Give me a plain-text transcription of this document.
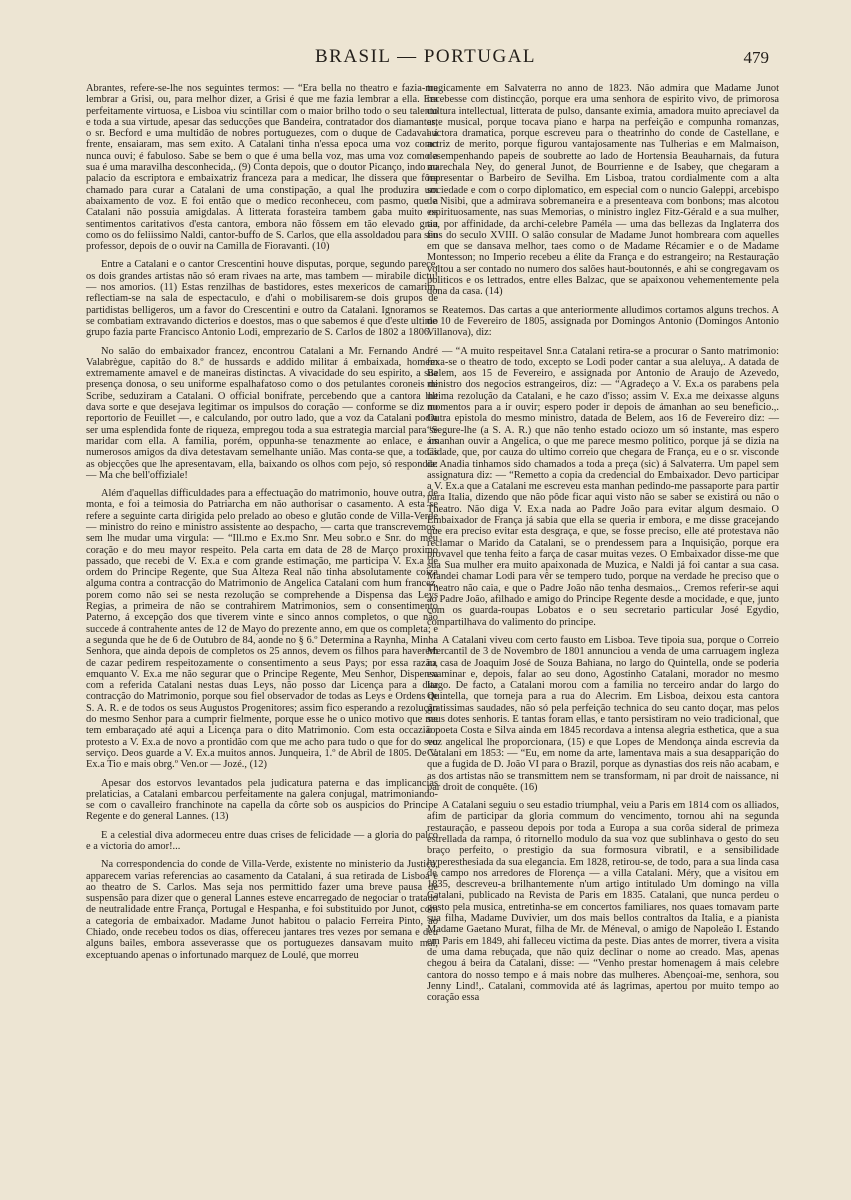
BRASIL — PORTUGAL	479

Abrantes, refere-se-lhe nos seguintes termos: — “Era bella no theatro e fazia-me lembrar a Grisi, ou, para melhor dizer, a Grisi é que me fazia lembrar a ella. Era perfeitamente virtuosa, e Lisboa viu scintillar com o maior brilho todo o seu talento e toda a sua virtude, apesar das seducções que Bandeira, contratador dos diamantes, o sr. Becford e uma multidão de nobres portuguezes, com o duque de Cadaval á frente, ensaiaram, mas sem exito. A Catalani tinha n'essa epoca uma voz como nunca ouvi; é fabuloso. Sabe se bem o que é uma bella voz, mas uma voz como a sua é uma maravilha desconhecida,. (9) Conta depois, que o doutor Picanço, indo ao palacio da escriptora e embaixatriz franceza para a medicar, lhe dissera que fôra chamado para curar a Catalani de uma constipação, a qual lhe produzira um abaixamento de voz. E foi então que o medico reconheceu, com pasmo, que a Catalani não possuia amigdalas. A litterata forasteira tambem gaba muito os sentimentos caritativos d'esta cantora, embora não fôssem em tão elevado grau como os do feliissimo Naldi, cantor-buffo de S. Carlos, que ella assoldadou para seu professor, depois de o ouvir na Camilla de Fioravanti. (10)

Entre a Catalani e o cantor Crescentini houve disputas, porque, segundo parece, os dois grandes artistas não só eram rivaes na arte, mas tambem — mirabile dictu! — nos amorios. (11) Estas renzilhas de bastidores, estes mexericos de camarim, reflectiam-se na sala de espectaculo, e d'ahi o mobilisarem-se dois grupos de partidistas belligeros, um a favor do Crescentini e outro da Catalani. Ignoramos se se combatiam extravando dicterios e doestos, mas o que sabemos é que d'este ultimo grupo fazia parte Francisco Antonio Lodi, emprezario de S. Carlos de 1802 a 1806.

No salão do embaixador francez, encontrou Catalani a Mr. Fernando André Valabrègue, capitão do 8.º de hussards e addido militar á embaixada, homem extremamente amavel e de maneiras distinctas. A vivacidade do seu espirito, a sua presença donosa, o seu uniforme espalhafatoso como o dos petulantes coroneis de Scribe, seduziram a Catalani. O official bonifrate, percebendo que a cantora lhe dava sorte e que desejava legitimar os impulsos do coração — conforme se diz no reportorio de Feuillet —, e calculando, por outro lado, que a voz da Catalani podia ser uma esplendida fonte de riqueza, empregou toda a sua estrategia marcial para se maridar com ella. A familia, porém, oppunha-se tenazmente ao enlace, e os numerosos amigos da diva detestavam semelhante união. Mas conta-se que, a todas as objecções que lhe apresentavam, ella, baixando os olhos com pejo, só respondia: — Ma che bell'offiziale!

Além d'aquellas difficuldades para a effectuação do matrimonio, houve outra, de monta, e foi a teimosia do Patriarcha em não authorisar o casamento. A esta se refere a seguinte carta dirigida pelo prelado ao obeso e glutão conde de Villa-Verde — ministro do reino e ministro assistente ao despacho, — carta que transcrevemos, sem lhe mudar uma virgula: — “Ill.mo e Ex.mo Snr. Meu sobr.o e Snr. do meu coração e do meu mayor respeito. Pela carta em data de 28 de Março proximo passado, que recebi de V. Ex.a e com grande estimação, me participa V. Ex.a de ordem do Principe Regente, que Sua Alteza Real não tinha absolutamente coiza alguma contra a contracção do Matrimonio de Angelica Catalani com hum francez, porem como não sei se nesta rezolução se comprehende a Dispensa das Leys Regias, a primeira de não se contrahirem Matrimonios, sem o consentimento Paterno, á excepção dos que tiverem vinte e sinco annos completos, o que não succede á contrahente antes de 12 de Mayo do prezente anno, em que os completa; e a segunda que he de 6 de Outubro de 84, aonde no § 6.º Determina a Raynha, Minha Senhora, que ainda depois de completos os 25 annos, devem os filhos para haverem de cazar pedirem respeitozamente o consentimento a seus Pays; por essa razão, emquanto V. Ex.a me não segurar que o Principe Regente, Meu Senhor, Dispensa com a referida Catalani nestas duas Leys, não posso dar Licença para a dita contracção do Matrimonio, porque sou fiel observador de todas as Leys e Ordens de S. A. R. e de todos os seus Augustos Progenitores; assim fico esperando a rezolução do mesmo Senhor para a cumprir fielmente, porque esse he o unico motivo que me tem embaraçado até aqui a Licença para o dito Matrimonio. Com esta occazião, protesto a V. Ex.a de novo a prontidão com que me acho para tudo o que for do seu serviço. Deos guarde a V. Ex.a muitos annos. Junqueira, 1.º de Abril de 1805. De V. Ex.a Tio e mais obrg.º Ven.or — Jozé., (12)

Apesar dos estorvos levantados pela judicatura paterna e das implicancias prelaticias, a Catalani embarcou perfeitamente na galera conjugal, matrimoniando-se com o cavalleiro franchinote na capella da côrte sob os auspicios do Principe Regente e do general Lannes. (13)

E a celestial diva adormeceu entre duas crises de felicidade — a gloria do palco e a victoria do amor!...

Na correspondencia do conde de Villa-Verde, existente no ministerio da Justiça, apparecem varias referencias ao casamento da Catalani, á sua retirada de Lisboa e ao theatro de S. Carlos. Mas seja nos permittido fazer uma breve pausa de suspensão para dizer que o general Lannes esteve encarregado de negociar o tratado de neutralidade entre França, Portugal e Hespanha, e foi substituido por Junot, com a categoria de embaixador. Madame Junot habitou o palacio Ferreira Pinto, ao Chiado, onde recebeu todos os dias, offereceu jantares tres vezes por semana e deu alguns bailes, embora asseverasse que os portuguezes dansavam muito mal, exceptuando apenas o infortunado marquez de Loulé, que morreu

tragicamente em Salvaterra no anno de 1823. Não admira que Madame Junot recebesse com distincção, porque era uma senhora de espirito vivo, de primorosa cultura intellectual, litterata de pulso, dansante eximia, amadora muito apreciavel da arte musical, porque tocava piano e harpa na perfeição e compunha romanzas, auctora dramatica, porque escreveu para o theatrinho do conde de Castellane, e actriz de merito, porque figurou vantajosamente nas Tulherias e em Malmaison, desempenhando papeis de soubrette ao lado de Hortensia Beauharnais, da futura marechala Ney, do general Junot, de Bourrienne e de Isabey, que chegaram a representar o Barbeiro de Sevilha. Em Lisboa, tratou cordialmente com a alta sociedade e com o corpo diplomatico, em especial com o nuncio Galeppi, arcebispo de Nisibi, que a admirava sobremaneira e a presenteava com bonbons; mas alcotou espirituosamente, nas suas Memorias, o ministro inglez Fitz-Gérald e a sua mulher, tia, por affinidade, da archi-celebre Paméla — uma das bellezas da Inglaterra dos fins do seculo XVIII. O salão consular de Madame Junot hombreara com aquelles em que se dansava melhor, taes como o de Madame Récamier e o de Madame Montesson; no Imperio recebeu a élite da França e do estrangeiro; na Restauração voltou a ser contado no numero dos salões haut-boutonnés, e ahi se congregavam os politicos e os lettrados, entre elles Balzac, que se apaixonou vehementemente pela dona da casa. (14)

Reatemos. Das cartas a que anteriormente alludimos cortamos alguns trechos. A de 10 de Fevereiro de 1805, assignada por Domingos Antonio (Domingos Antonio Villanova), diz:

— “A muito respeitavel Snr.a Catalani retira-se a procurar o Santo matrimonio: fexa-se o theatro de todo, excepto se Lodi poder cantar a sua aleluya,. A datada de Belem, aos 15 de Fevereiro, e assignada por Antonio de Araujo de Azevedo, ministro dos negocios estrangeiros, diz: — “Agradeço a V. Ex.a os parabens pela ultima rezolução da Catalani, e he cazo d'isso; assim V. Ex.a me deixasse alguns momentos para a ir ouvir; espero poder ir depois de ámanhan ao seu beneficio.,. Outra epistola do mesmo ministro, datada de Belem, aos 16 de Fevereiro diz: — “Segure-lhe (a S. A. R.) que não tenho estado ociozo um só instante, mas espero ámanhan ouvir a Angelica, o que me parece mesmo politico, porque já se dizia na Cidade, que, por cauza do ultimo correio que chegara de França, eu e o sr. visconde de Anadia tinhamos sido chamados a toda a preça (sic) á Salvaterra. Um papel sem assignatura diz: — “Remetto a copia da credencial do Embaixador. Devo participar a V. Ex.a que a Catalani me escreveu esta manhan pedindo-me passaporte para partir para Italia, dizendo que não pôde ficar aqui visto não se saber se existirá ou não o Theatro. Não diga V. Ex.a nada ao Padre João para evitar algum desmaio. O Embaixador de França já sabia que ella se queria ir embora, e me disse gracejando que era preciso evitar esta desgraça, e que, se fosse preciso, elle até protestava não reclamar o Marido da Catalani, se o prendessem para a Inquisição, porque era provavel que tenha feito a farça de casar muitas vezes. O Embaixador disse-me que sua Sua mulher era muito apaixonada de Muzica, e Naldi já foi cantar a sua casa. Mandei chamar Lodi para vêr se tempero tudo, porque na verdade he preciso que o Theatro não caia, e que o Padre João não tenha desmaios.,. Cremos referir-se aqui ao Padre João, afilhado e amigo do Principe Regente desde a mocidade, e que, junto com os guarda-roupas Lobatos e o seu secretario particular José Egydio, compartilhava do valimento do principe.

A Catalani viveu com certo fausto em Lisboa. Teve tipoia sua, porque o Correio Mercantil de 3 de Novembro de 1801 annunciou a venda de uma carruagem ingleza na casa de Joaquim José de Souza Bahiana, no largo do Quintella, onde se poderia examinar e, depois, falar ao seu dono, Agostinho Catalani, morador no mesmo largo. De facto, a Catalani morou com a familia no terceiro andar do largo do Quintella, que torneja para a rua do Alecrim. Em Lisboa, deixou esta cantora gratissimas saudades, não só pela perfeição technica do seu canto doçar, mas pelos seus dotes senhoris. E tantas foram ellas, e tanto persistiram no veio tradicional, que o poeta Costa e Silva ainda em 1845 recordava a intensa alegria esthetica, que a sua voz angelical lhe proporcionara, (15) e que Lopes de Mendonça ainda escrevia da Catalani em 1853: — “Eu, em nome da arte, lamentava mais a sua desapparição do que a fugida de D. João VI para o Brazil, porque as dynastias dos reis não acabam, e as dos artistas não se transmittem nem se transformam, ni par droit de naissance, ni par droit de conquête. (16)

A Catalani seguiu o seu estadio triumphal, veiu a Paris em 1814 com os alliados, afim de participar da gloria commum do vencimento, tornou ahi na segunda restauração, e passeou depois por toda a Europa a sua corôa sideral de primeza estrellada da rampa, ó ritornello modulo da sua voz que sublinhava o gesto do seu braço perfeito, o prestigio da sua formosura vibratil, e a sensibilidade hyperesthesiada da sua elegancia. Em 1828, retirou-se, de todo, para a sua linda casa de campo nos arredores de Florença — a villa Catalani. Méry, que a visitou em 1835, descreveu-a brilhantemente n'um artigo intitulado Um domingo na villa Catalani, publicado na Revista de Paris em 1835. Catalani, que nunca perdeu o gosto pela musica, entretinha-se em concertos familiares, nos quaes tomavam parte sua filha, Madame Duvivier, um dos mais bellos contraltos da Italia, e a pianista Madame Gaetano Murat, filha de Mr. de Méneval, o amigo de Napoleão I. Estando em Paris em 1849, ahi falleceu victima da peste. Dias antes de morrer, tivera a visita de uma dama rebuçada, que não quiz declinar o nome ao creado. Mas, apenas chegou á beira da Catalani, disse: — “Venho prestar homenagem á mais celebre cantora do nosso tempo e á mais nobre das mulheres. Abençoai-me, senhora, sou Jenny Lind!,. Catalani, commovida até ás lagrimas, apertou por muito tempo ao coração essa
